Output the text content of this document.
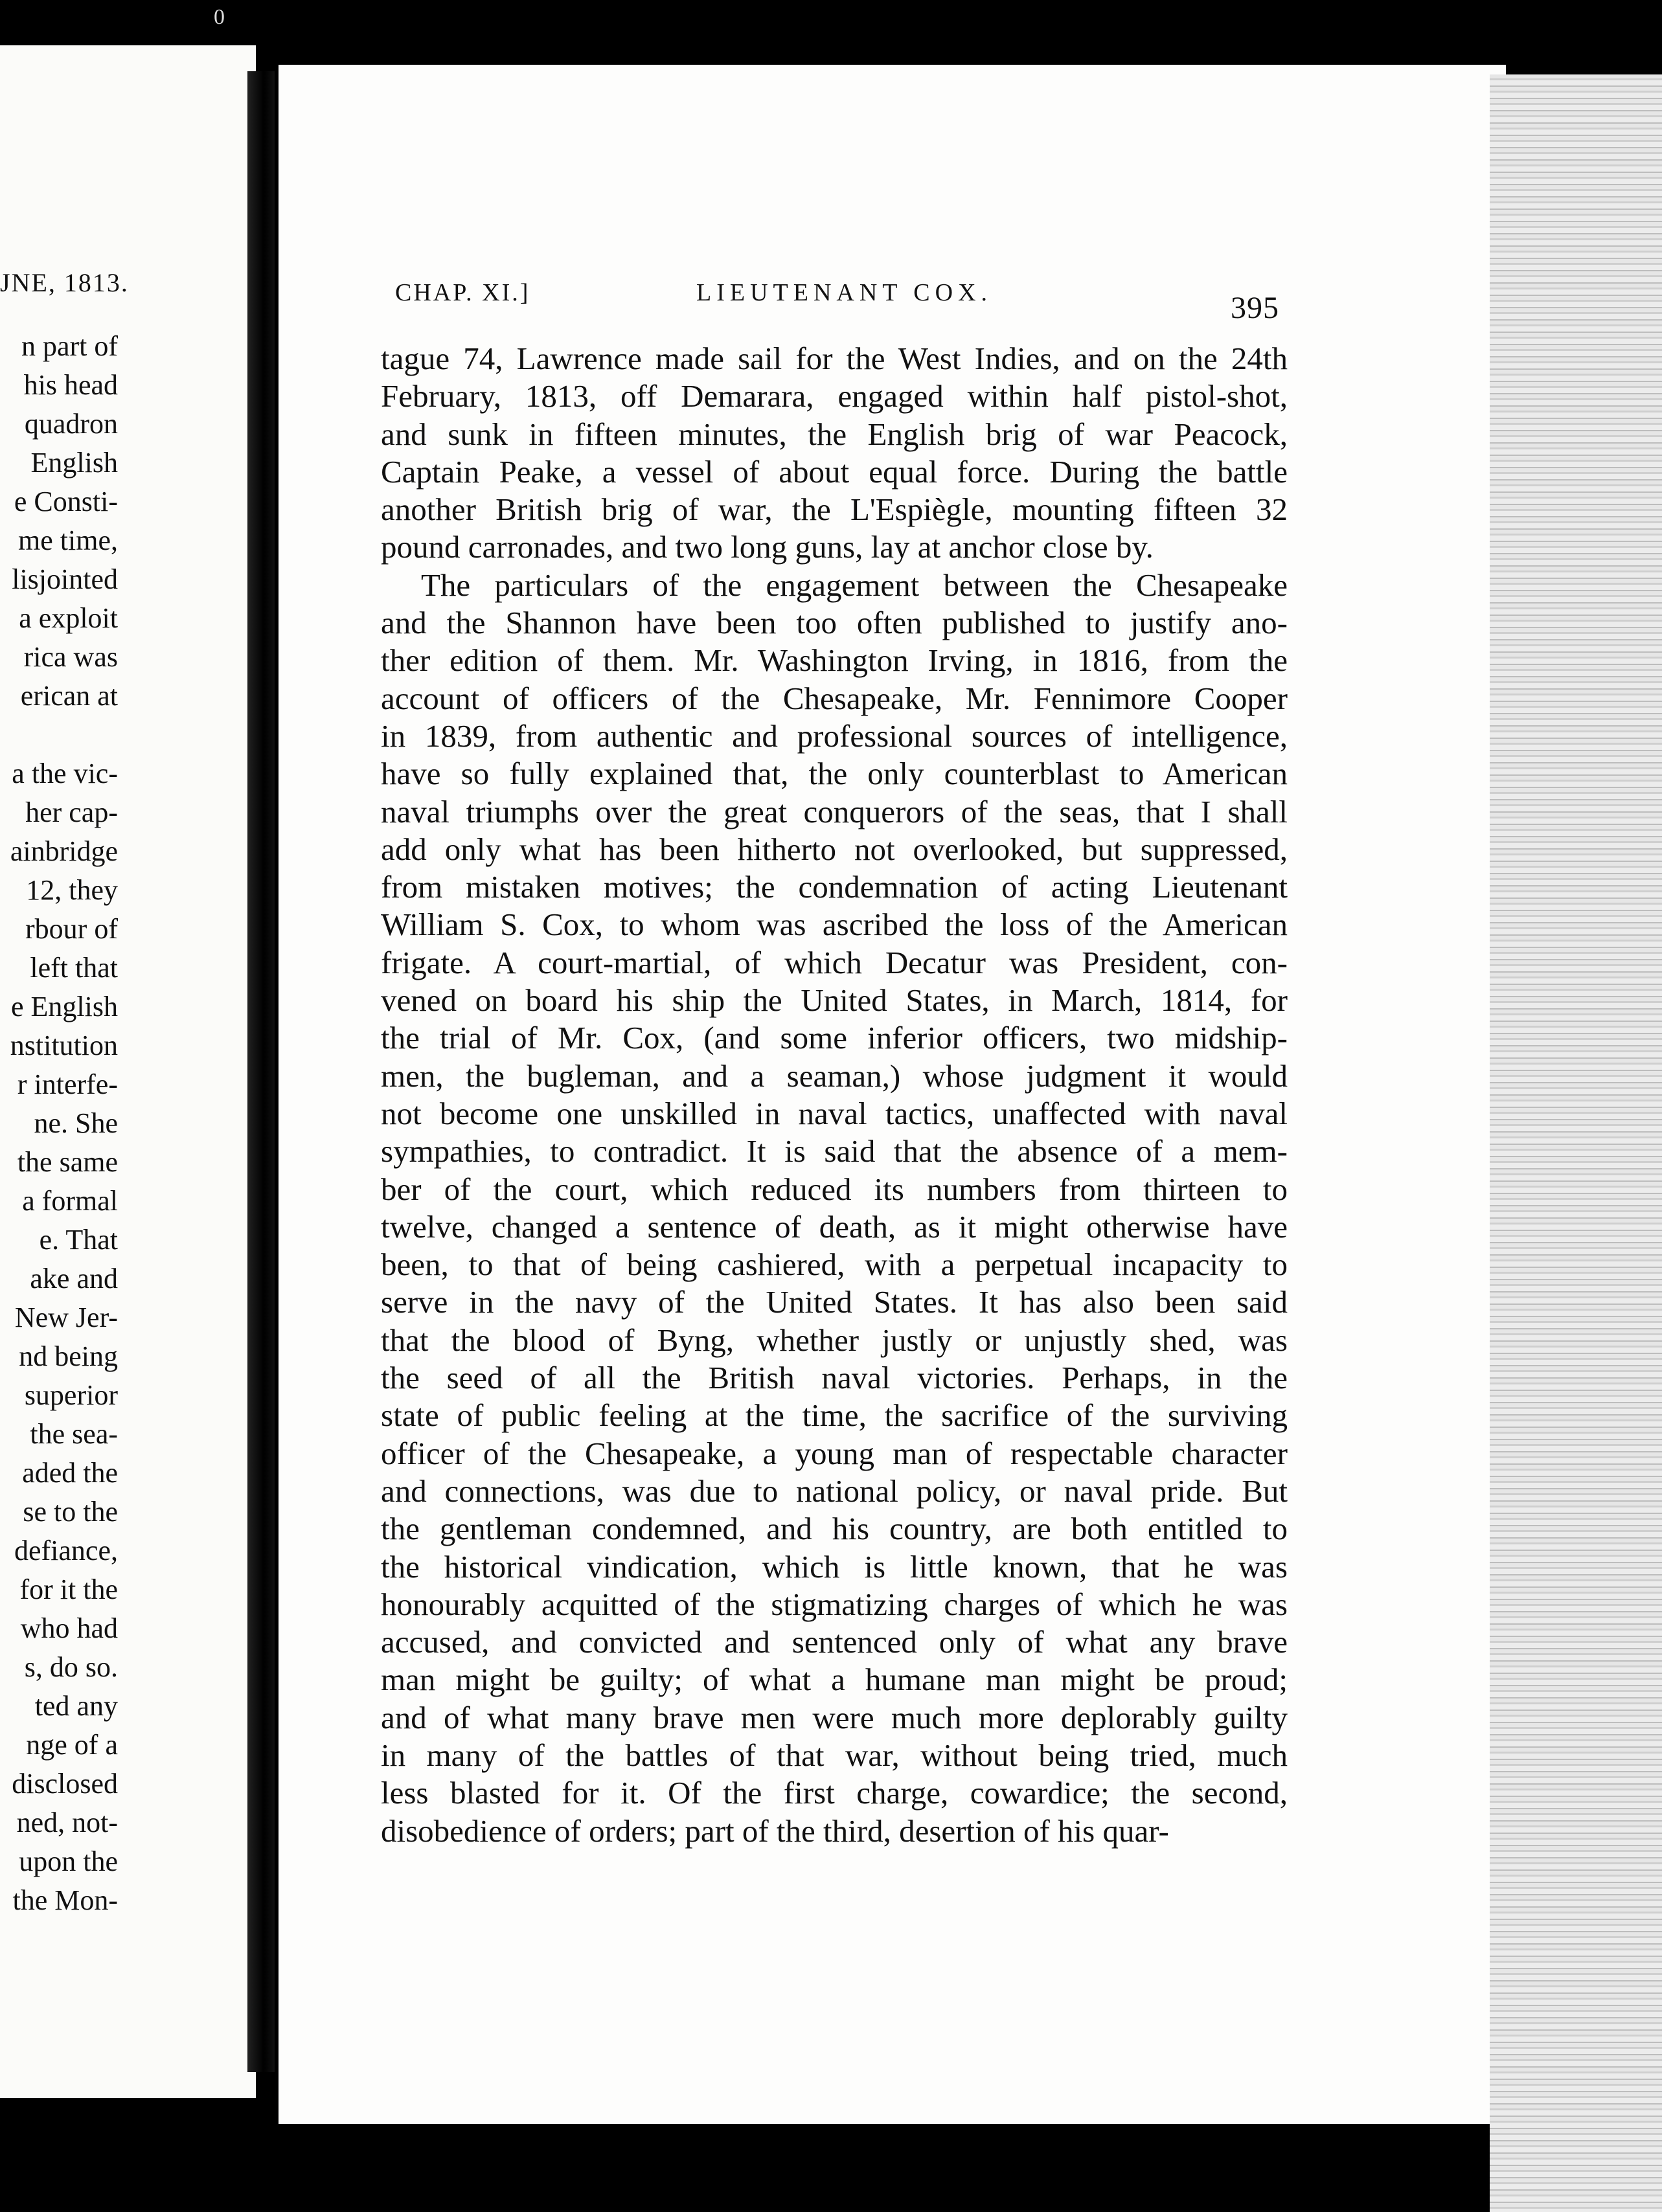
0
JNE, 1813.
n part of
his head
quadron
English
e Consti-
me time,
lisjointed
a exploit
rica was
erican at
a the vic-
her cap-
ainbridge
12, they
rbour of
left that
e English
nstitution
r interfe-
ne. She
the same
a formal
e. That
ake and
New Jer-
nd being
superior
the sea-
aded the
se to the
defiance,
for it the
who had
s, do so.
ted any
nge of a
disclosed
ned, not-
upon the
the Mon-
CHAP. XI.]	LIEUTENANT COX.	395
tague 74, Lawrence made sail for the West Indies, and on the 24th
February, 1813, off Demarara, engaged within half pistol-shot,
and sunk in fifteen minutes, the English brig of war Peacock,
Captain Peake, a vessel of about equal force. During the battle
another British brig of war, the L'Espiègle, mounting fifteen 32
pound carronades, and two long guns, lay at anchor close by.
The particulars of the engagement between the Chesapeake
and the Shannon have been too often published to justify ano-
ther edition of them. Mr. Washington Irving, in 1816, from the
account of officers of the Chesapeake, Mr. Fennimore Cooper
in 1839, from authentic and professional sources of intelligence,
have so fully explained that, the only counterblast to American
naval triumphs over the great conquerors of the seas, that I shall
add only what has been hitherto not overlooked, but suppressed,
from mistaken motives; the condemnation of acting Lieutenant
William S. Cox, to whom was ascribed the loss of the American
frigate. A court-martial, of which Decatur was President, con-
vened on board his ship the United States, in March, 1814, for
the trial of Mr. Cox, (and some inferior officers, two midship-
men, the bugleman, and a seaman,) whose judgment it would
not become one unskilled in naval tactics, unaffected with naval
sympathies, to contradict. It is said that the absence of a mem-
ber of the court, which reduced its numbers from thirteen to
twelve, changed a sentence of death, as it might otherwise have
been, to that of being cashiered, with a perpetual incapacity to
serve in the navy of the United States. It has also been said
that the blood of Byng, whether justly or unjustly shed, was
the seed of all the British naval victories. Perhaps, in the
state of public feeling at the time, the sacrifice of the surviving
officer of the Chesapeake, a young man of respectable character
and connections, was due to national policy, or naval pride. But
the gentleman condemned, and his country, are both entitled to
the historical vindication, which is little known, that he was
honourably acquitted of the stigmatizing charges of which he was
accused, and convicted and sentenced only of what any brave
man might be guilty; of what a humane man might be proud;
and of what many brave men were much more deplorably guilty
in many of the battles of that war, without being tried, much
less blasted for it. Of the first charge, cowardice; the second,
disobedience of orders; part of the third, desertion of his quar-
